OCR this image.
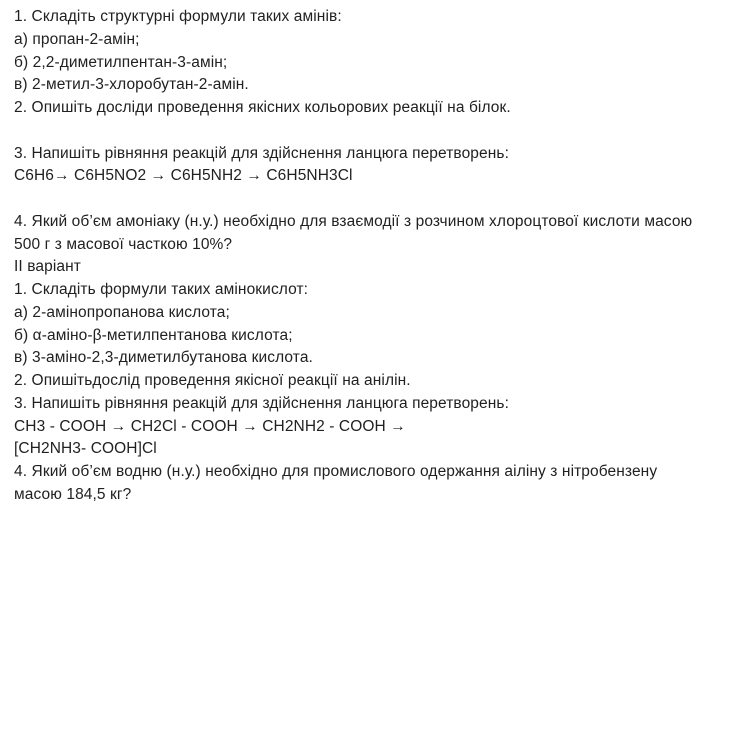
1. Складіть структурні формули таких амінів:
а) пропан-2-амін;
б) 2,2-диметилпентан-3-амін;
в) 2-метил-3-хлоробутан-2-амін.
2. Опишіть досліди проведення якісних кольорових реакції на білок.
3. Напишіть рівняння реакцій для здійснення ланцюга перетворень:
C6H6→ C6H5NO2 → C6H5NH2 → C6H5NH3Cl
4. Який об’єм амоніаку (н.у.) необхідно для взаємодії з розчином хлороцтової кислоти масою
500 г з масової часткою 10%?
ІІ варіант
1. Складіть формули таких амінокислот:
а) 2-амінопропанова кислота;
б) α-аміно-β-метилпентанова кислота;
в) 3-аміно-2,3-диметилбутанова кислота.
2. Опишітьдослід проведення якісної реакції на анілін.
3. Напишіть рівняння реакцій для здійснення ланцюга перетворень:
CH3 - COOH → CH2Cl - COOH → CH2NH2 - COOH →
[CH2NH3- COOH]Cl
4. Який об’єм водню (н.у.) необхідно для промислового одержання аіліну з нітробензену
масою 184,5 кг?
